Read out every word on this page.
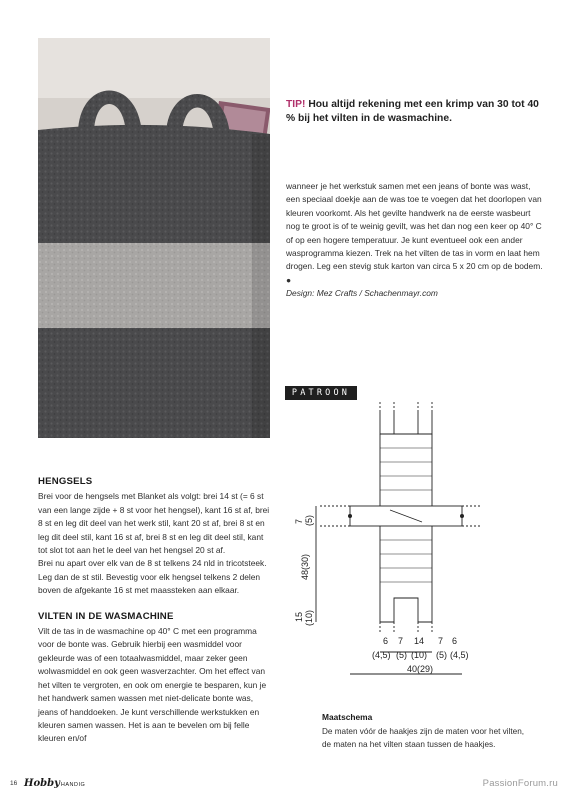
TIP! Hou altijd rekening met een krimp van 30 tot 40 % bij het vilten in de wasmachine.

wanneer je het werkstuk samen met een jeans of bonte was wast, een speciaal doekje aan de was toe te voegen dat het doorlopen van kleuren voorkomt. Als het gevilte handwerk na de eerste wasbeurt nog te groot is of te weinig gevilt, was het dan nog een keer op 40° C of op een hogere temperatuur. Je kunt eventueel ook een ander wasprogramma kiezen. Trek na het vilten de tas in vorm en laat hem drogen. Leg een stevig stuk karton van circa 5 x 20 cm op de bodem. ●

Design: Mez Crafts / Schachenmayr.com

PATROON
HENGSELS

Brei voor de hengsels met Blanket als volgt: brei 14 st (= 6 st van een lange zijde + 8 st voor het hengsel), kant 16 st af, brei 8 st en leg dit deel van het werk stil, kant 20 st af, brei 8 st en leg dit deel stil, kant 16 st af, brei 8 st en leg dit deel stil, kant tot slot tot aan het le deel van het hengsel 20 st af.

Brei nu apart over elk van de 8 st telkens 24 nld in tricotsteek. Leg dan de st stil. Bevestig voor elk hengsel telkens 2 delen boven de afgekante 16 st met maassteken aan elkaar.

VILTEN IN DE WASMACHINE

Vilt de tas in de wasmachine op 40° C met een programma voor de bonte was. Gebruik hierbij een wasmiddel voor gekleurde was of een totaalwasmiddel, maar zeker geen wolwasmiddel en ook geen wasverzachter. Om het effect van het vilten te vergroten, en ook om energie te besparen, kun je het handwerk samen wassen met niet-delicate bonte was, jeans of handdoeken. Je kunt verschillende werkstukken en kleuren samen wassen. Het is aan te bevelen om bij felle kleuren en/of

7 (5)
48(30)
15 (10)
6 7 14 7 6
(4,5) (5) (10) (5) (4,5)
40(29)
Maatschema

De maten vóór de haakjes zijn de maten voor het vilten, de maten na het vilten staan tussen de haakjes.

16 HobbyHANDIG	PassionForum.ru
